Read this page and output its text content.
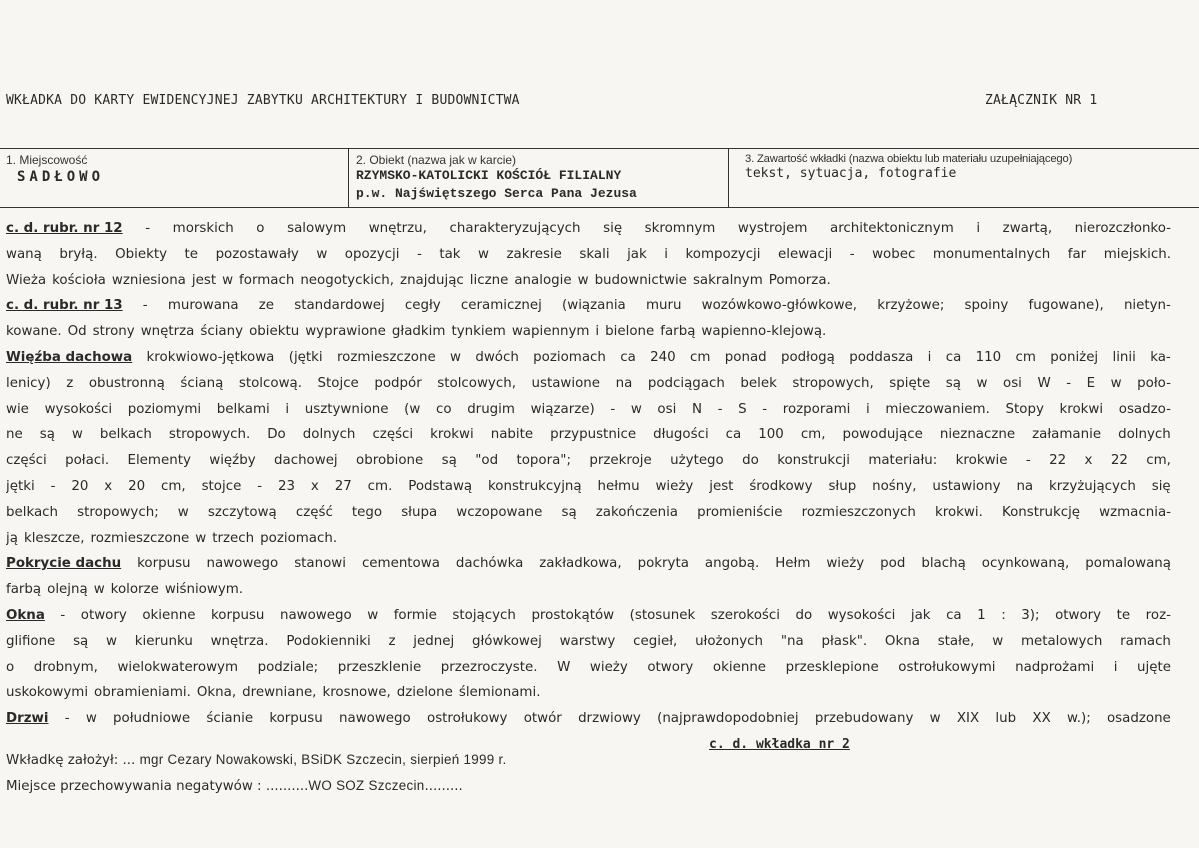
WKŁADKA DO KARTY EWIDENCYJNEJ ZABYTKU ARCHITEKTURY I BUDOWNICTWA	ZAŁĄCZNIK NR 1
1. Miejscowość
SADŁOWO
2. Obiekt (nazwa jak w karcie)
RZYMSKO-KATOLICKI KOŚCIÓŁ FILIALNY
p.w. Najświętszego Serca Pana Jezusa
3. Zawartość wkładki (nazwa obiektu lub materiału uzupełniającego)
tekst, sytuacja, fotografie
c. d. rubr. nr 12 - morskich o salowym wnętrzu, charakteryzujących się skromnym wystrojem architektonicznym i zwartą, nierozczłonko-
waną bryłą. Obiekty te pozostawały w opozycji - tak w zakresie skali jak i kompozycji elewacji - wobec monumentalnych far miejskich.
Wieża kościoła wzniesiona jest w formach neogotyckich, znajdując liczne analogie w budownictwie sakralnym Pomorza.
c. d. rubr. nr 13 - murowana ze standardowej cegły ceramicznej (wiązania muru wozówkowo-główkowe, krzyżowe; spoiny fugowane), nietyn-
kowane. Od strony wnętrza ściany obiektu wyprawione gładkim tynkiem wapiennym i bielone farbą wapienno-klejową.
Więźba dachowa krokwiowo-jętkowa (jętki rozmieszczone w dwóch poziomach ca 240 cm ponad podłogą poddasza i ca 110 cm poniżej linii ka-
lenicy) z obustronną ścianą stolcową. Stojce podpór stolcowych, ustawione na podciągach belek stropowych, spięte są w osi W - E w poło-
wie wysokości poziomymi belkami i usztywnione (w co drugim wiązarze) - w osi N - S - rozporami i mieczowaniem. Stopy krokwi osadzo-
ne są w belkach stropowych. Do dolnych części krokwi nabite przypustnice długości ca 100 cm, powodujące nieznaczne załamanie dolnych
części połaci. Elementy więźby dachowej obrobione są "od topora"; przekroje użytego do konstrukcji materiału: krokwie - 22 x 22 cm,
jętki - 20 x 20 cm, stojce - 23 x 27 cm. Podstawą konstrukcyjną hełmu wieży jest środkowy słup nośny, ustawiony na krzyżujących się
belkach stropowych; w szczytową część tego słupa wczopowane są zakończenia promieniście rozmieszczonych krokwi. Konstrukcję wzmacnia-
ją kleszcze, rozmieszczone w trzech poziomach.
Pokrycie dachu korpusu nawowego stanowi cementowa dachówka zakładkowa, pokryta angobą. Hełm wieży pod blachą ocynkowaną, pomalowaną
farbą olejną w kolorze wiśniowym.
Okna - otwory okienne korpusu nawowego w formie stojących prostokątów (stosunek szerokości do wysokości jak ca 1 : 3); otwory te roz-
glifione są w kierunku wnętrza. Podokienniki z jednej główkowej warstwy cegieł, ułożonych "na płask". Okna stałe, w metalowych ramach
o drobnym, wielokwaterowym podziale; przeszklenie przezroczyste. W wieży otwory okienne przesklepione ostrołukowymi nadprożami i ujęte
uskokowymi obramieniami. Okna, drewniane, krosnowe, dzielone ślemionami.
Drzwi - w południowe ścianie korpusu nawowego ostrołukowy otwór drzwiowy (najprawdopodobniej przebudowany w XIX lub XX w.); osadzone
c. d. wkładka nr 2
Wkładkę założył: ... mgr Cezary Nowakowski, BSiDK Szczecin, sierpień 1999 r.
Miejsce przechowywania negatywów : ..........WO SOZ Szczecin.........
